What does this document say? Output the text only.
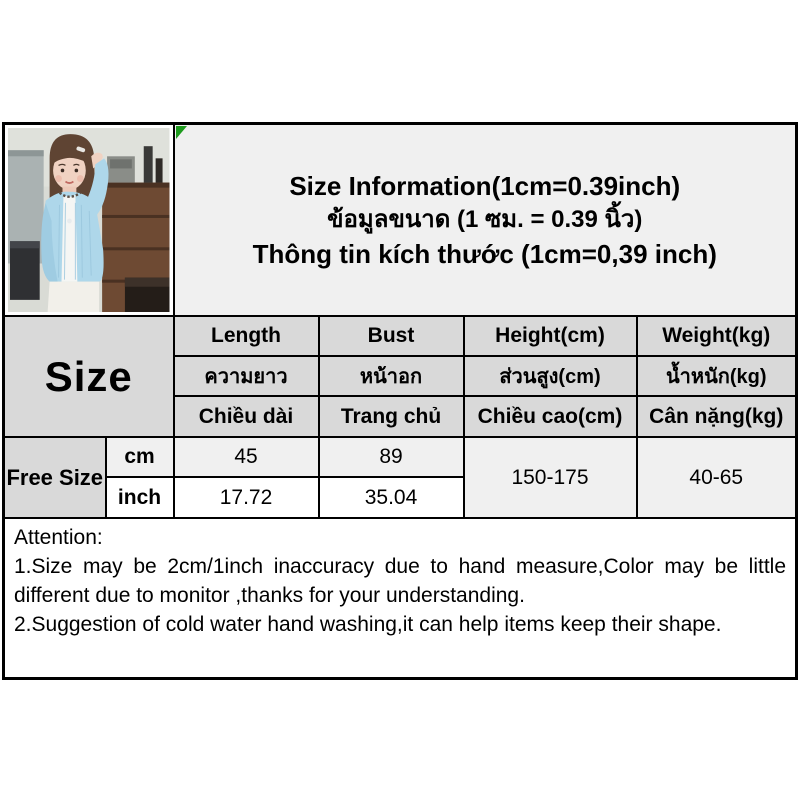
Size Information(1cm=0.39inch)
ข้อมูลขนาด (1 ซม. = 0.39 นิ้ว)
Thông tin kích thước (1cm=0,39 inch)			

Size		Length	Bust	Height(cm)	Weight(kg)
		ความยาว	หน้าอก	ส่วนสูง(cm)	น้ำหนัก(kg)
		Chiều dài	Trang chủ	Chiều cao(cm)	Cân nặng(kg)
Free Size	cm	45	89	150-175	40-65
	inch	17.72	35.04		

Attention:
1.Size may be 2cm/1inch inaccuracy due to hand measure,Color may be little different due to monitor ,thanks for your understanding.
2.Suggestion of cold water hand washing,it can help items keep their shape.					
